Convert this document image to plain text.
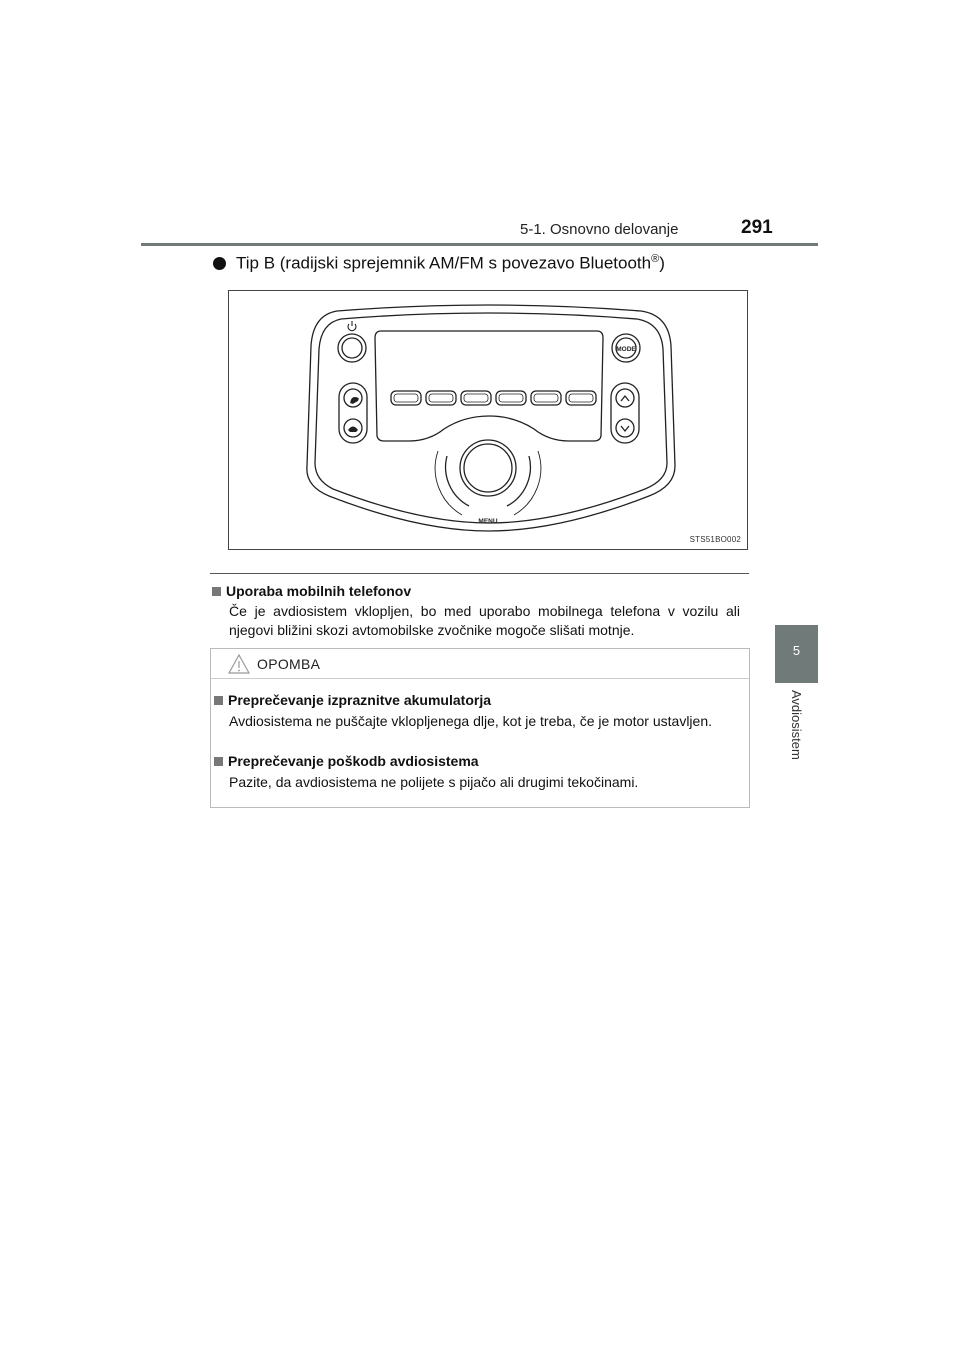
5-1. Osnovno delovanje	291
5
Avdiosistem
Tip B (radijski sprejemnik AM/FM s povezavo Bluetooth®)
MODE
MENU
STS51BO002
Uporaba mobilnih telefonov
Če je avdiosistem vklopljen, bo med uporabo mobilnega telefona v vozilu ali njegovi bližini skozi avtomobilske zvočnike mogoče slišati motnje.
OPOMBA
Preprečevanje izpraznitve akumulatorja
Avdiosistema ne puščajte vklopljenega dlje, kot je treba, če je motor ustavljen.
Preprečevanje poškodb avdiosistema
Pazite, da avdiosistema ne polijete s pijačo ali drugimi tekočinami.
